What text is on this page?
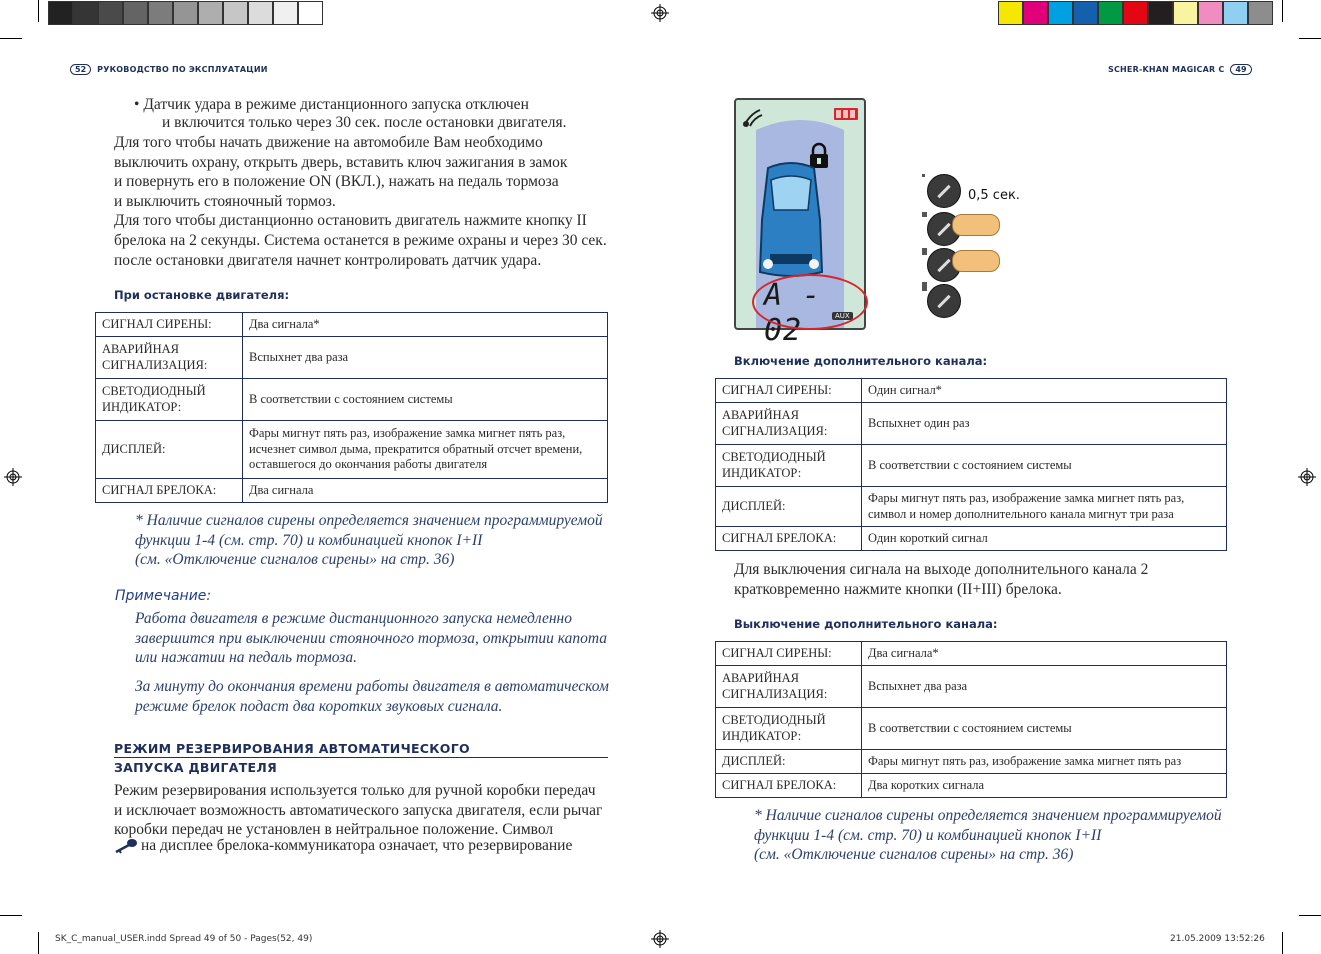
52	РУКОВОДСТВО ПО ЭКСПЛУАТАЦИИ
• Датчик удара в режиме дистанционного запуска отключен
и включится только через 30 сек. после остановки двигателя.
Для того чтобы начать движение на автомобиле Вам необходимо
выключить охрану, открыть дверь, вставить ключ зажигания в замок
и повернуть его в положение ON (ВКЛ.), нажать на педаль тормоза
и выключить стояночный тормоз.
Для того чтобы дистанционно остановить двигатель нажмите кнопку II
брелока на 2 секунды. Система останется в режиме охраны и через 30 сек.
после остановки двигателя начнет контролировать датчик удара.
При остановке двигателя:
СИГНАЛ СИРЕНЫ:	Два сигнала*
АВАРИЙНАЯ СИГНАЛИЗАЦИЯ:	Вспыхнет два раза
СВЕТОДИОДНЫЙ ИНДИКАТОР:	В соответствии с состоянием системы
ДИСПЛЕЙ:	Фары мигнут пять раз, изображение замка мигнет пять раз, исчезнет символ дыма, прекратится обратный отсчет времени, оставшегося до окончания работы двигателя
СИГНАЛ БРЕЛОКА:	Два сигнала
* Наличие сигналов сирены определяется значением программируемой
функции 1-4 (см. стр. 70) и комбинацией кнопок I+II
(см. «Отключение сигналов сирены» на стр. 36)
Примечание:
Работа двигателя в режиме дистанционного запуска немедленно
завершится при выключении стояночного тормоза, открытии капота
или нажатии на педаль тормоза.
За минуту до окончания времени работы двигателя в автоматическом
режиме брелок подаст два коротких звуковых сигнала.
РЕЖИМ РЕЗЕРВИРОВАНИЯ АВТОМАТИЧЕСКОГО
ЗАПУСКА ДВИГАТЕЛЯ
Режим резервирования используется только для ручной коробки передач
и исключает возможность автоматического запуска двигателя, если рычаг
коробки передач не установлен в нейтральное положение. Символ
на дисплее брелока-коммуникатора означает, что резервирование
SK_C_manual_USER.indd Spread 49 of 50 - Pages(52, 49)
SCHER-KHAN MAGICAR C	49
A - 02	AUX
0,5 сек.
Включение дополнительного канала:
СИГНАЛ СИРЕНЫ:	Один сигнал*
АВАРИЙНАЯ СИГНАЛИЗАЦИЯ:	Вспыхнет один раз
СВЕТОДИОДНЫЙ ИНДИКАТОР:	В соответствии с состоянием системы
ДИСПЛЕЙ:	Фары мигнут пять раз, изображение замка мигнет пять раз, символ и номер дополнительного канала мигнут три раза
СИГНАЛ БРЕЛОКА:	Один короткий сигнал
Для выключения сигнала на выходе дополнительного канала 2
кратковременно нажмите кнопки (II+III) брелока.
Выключение дополнительного канала:
СИГНАЛ СИРЕНЫ:	Два сигнала*
АВАРИЙНАЯ СИГНАЛИЗАЦИЯ:	Вспыхнет два раза
СВЕТОДИОДНЫЙ ИНДИКАТОР:	В соответствии с состоянием системы
ДИСПЛЕЙ:	Фары мигнут пять раз, изображение замка мигнет пять раз
СИГНАЛ БРЕЛОКА:	Два коротких сигнала
* Наличие сигналов сирены определяется значением программируемой
функции 1-4 (см. стр. 70) и комбинацией кнопок I+II
(см. «Отключение сигналов сирены» на стр. 36)
21.05.2009 13:52:26
